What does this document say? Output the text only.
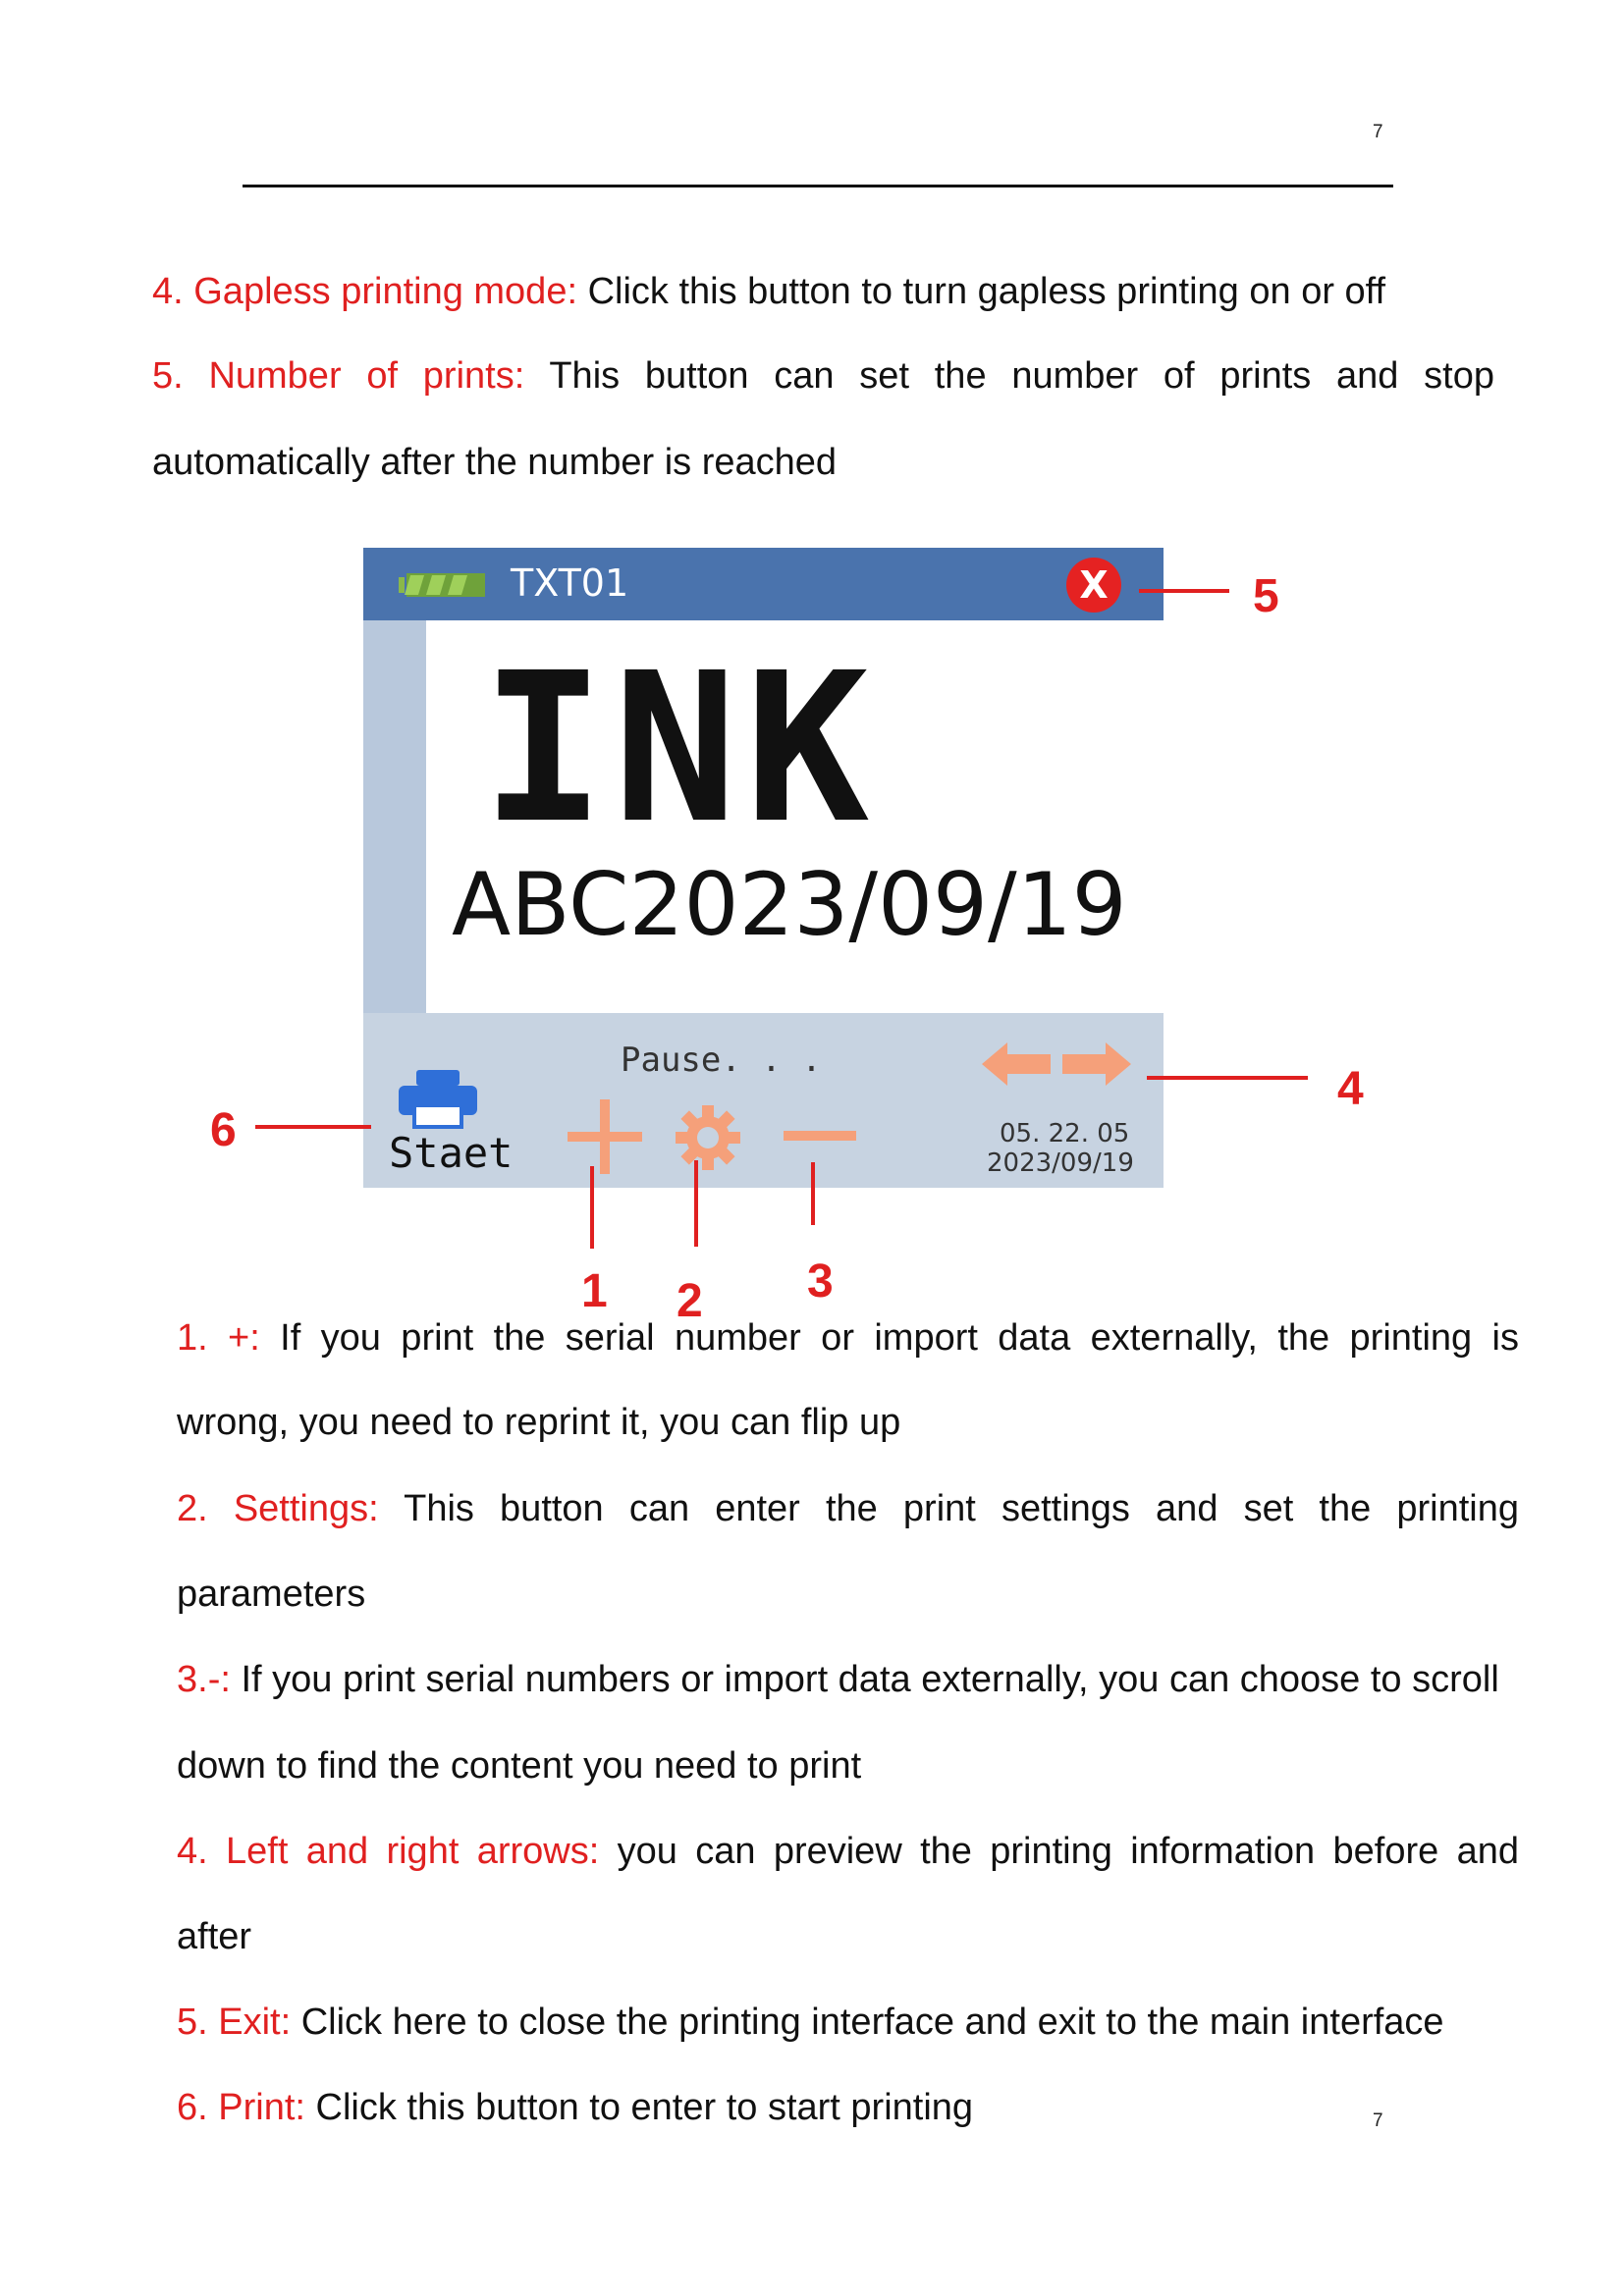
7
4. Gapless printing mode: Click this button to turn gapless printing on or off
5. Number of prints: This button can set the number of prints and stop
automatically after the number is reached
TXT01	X
INK
ABC2023/09/19
Pause. . .
Staet	05. 22. 05
2023/09/19
5
4
6
1 2 3
1. +: If you print the serial number or import data externally, the printing is
wrong, you need to reprint it, you can flip up
2. Settings: This button can enter the print settings and set the printing
parameters
3.-: If you print serial numbers or import data externally, you can choose to scroll
down to find the content you need to print
4. Left and right arrows: you can preview the printing information before and
after
5. Exit: Click here to close the printing interface and exit to the main interface
6. Print: Click this button to enter to start printing	7
